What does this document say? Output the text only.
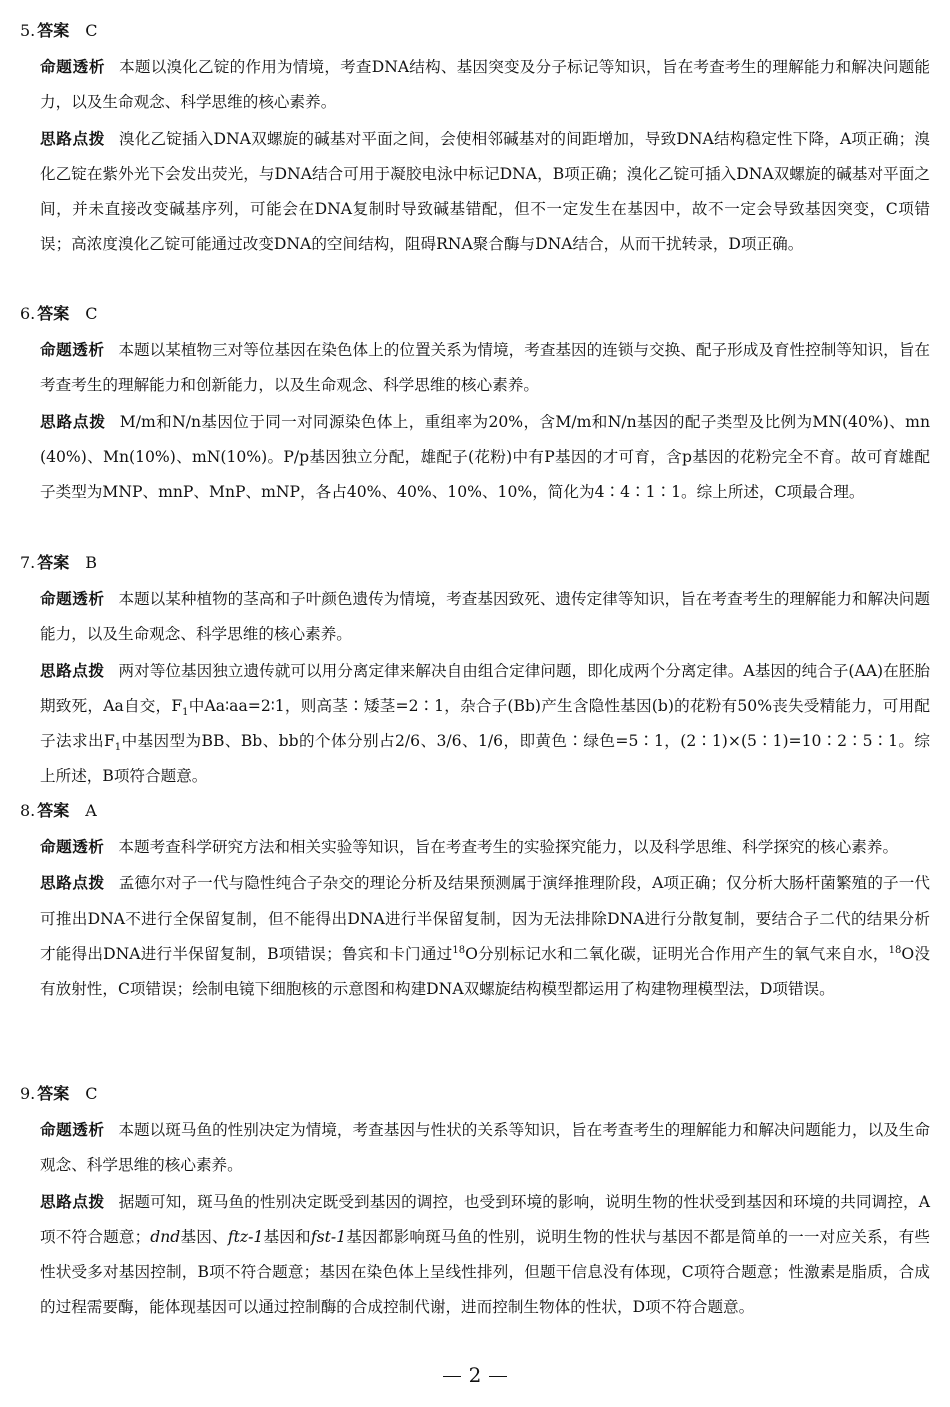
5. 答案 C
命题透析 本题以溴化乙锭的作用为情境，考查DNA结构、基因突变及分子标记等知识，旨在考查考生的理解能力和解决问题能力，以及生命观念、科学思维的核心素养。
思路点拨 溴化乙锭插入DNA双螺旋的碱基对平面之间，会使相邻碱基对的间距增加，导致DNA结构稳定性下降，A项正确；溴化乙锭在紫外光下会发出荧光，与DNA结合可用于凝胶电泳中标记DNA，B项正确；溴化乙锭可插入DNA双螺旋的碱基对平面之间，并未直接改变碱基序列，可能会在DNA复制时导致碱基错配，但不一定发生在基因中，故不一定会导致基因突变，C项错误；高浓度溴化乙锭可能通过改变DNA的空间结构，阻碍RNA聚合酶与DNA结合，从而干扰转录，D项正确。
6. 答案 C
命题透析 本题以某植物三对等位基因在染色体上的位置关系为情境，考查基因的连锁与交换、配子形成及育性控制等知识，旨在考查考生的理解能力和创新能力，以及生命观念、科学思维的核心素养。
思路点拨 M/m和N/n基因位于同一对同源染色体上，重组率为20%，含M/m和N/n基因的配子类型及比例为MN(40%)、mn(40%)、Mn(10%)、mN(10%)。P/p基因独立分配，雄配子(花粉)中有P基因的才可育，含p基因的花粉完全不育。故可育雄配子类型为MNP、mnP、MnP、mNP，各占40%、40%、10%、10%，简化为4∶4∶1∶1。综上所述，C项最合理。
7. 答案 B
命题透析 本题以某种植物的茎高和子叶颜色遗传为情境，考查基因致死、遗传定律等知识，旨在考查考生的理解能力和解决问题能力，以及生命观念、科学思维的核心素养。
思路点拨 两对等位基因独立遗传就可以用分离定律来解决自由组合定律问题，即化成两个分离定律。A基因的纯合子(AA)在胚胎期致死，Aa自交，$F_1$中Aa∶aa=2∶1，则高茎∶矮茎=2∶1，杂合子(Bb)产生含隐性基因(b)的花粉有50%丧失受精能力，可用配子法求出$F_1$中基因型为BB、Bb、bb的个体分别占2/6、3/6、1/6，即黄色∶绿色=5∶1，(2∶1)×(5∶1)=10∶2∶5∶1。综上所述，B项符合题意。
8. 答案 A
命题透析 本题考查科学研究方法和相关实验等知识，旨在考查考生的实验探究能力，以及科学思维、科学探究的核心素养。
思路点拨 孟德尔对子一代与隐性纯合子杂交的理论分析及结果预测属于演绎推理阶段，A项正确；仅分析大肠杆菌繁殖的子一代可推出DNA不进行全保留复制，但不能得出DNA进行半保留复制，因为无法排除DNA进行分散复制，要结合子二代的结果分析才能得出DNA进行半保留复制，B项错误；鲁宾和卡门通过$^{18}$O分别标记水和二氧化碳，证明光合作用产生的氧气来自水，$^{18}$O没有放射性，C项错误；绘制电镜下细胞核的示意图和构建DNA双螺旋结构模型都运用了构建物理模型法，D项错误。
9. 答案 C
命题透析 本题以斑马鱼的性别决定为情境，考查基因与性状的关系等知识，旨在考查考生的理解能力和解决问题能力，以及生命观念、科学思维的核心素养。
思路点拨 据题可知，斑马鱼的性别决定既受到基因的调控，也受到环境的影响，说明生物的性状受到基因和环境的共同调控，A项不符合题意；dnd基因、ftz-1基因和fst-1基因都影响斑马鱼的性别，说明生物的性状与基因不都是简单的一一对应关系，有些性状受多对基因控制，B项不符合题意；基因在染色体上呈线性排列，但题干信息没有体现，C项符合题意；性激素是脂质，合成的过程需要酶，能体现基因可以通过控制酶的合成控制代谢，进而控制生物体的性状，D项不符合题意。
2
